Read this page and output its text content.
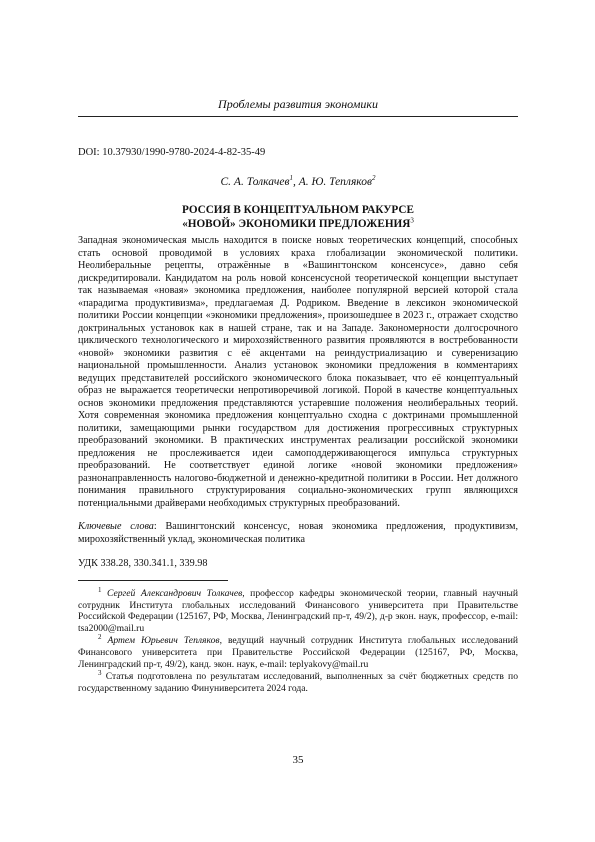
Проблемы развития экономики
DOI: 10.37930/1990-9780-2024-4-82-35-49
С. А. Толкачев$^1$, А. Ю. Тепляков$^2$
РОССИЯ В КОНЦЕПТУАЛЬНОМ РАКУРСЕ
«НОВОЙ» ЭКОНОМИКИ ПРЕДЛОЖЕНИЯ$^3$

Западная экономическая мысль находится в поиске новых теоретических концепций, способных стать основой проводимой в условиях краха глобализации экономической политики. Неолиберальные рецепты, отражённые в «Вашингтонском консенсусе», давно себя дискредитировали. Кандидатом на роль новой консенсусной теоретической концепции выступает так называемая «новая» экономика предложения, наиболее популярной версией которой стала «парадигма продуктивизма», предлагаемая Д. Родриком. Введение в лексикон экономической политики России концепции «экономики предложения», произошедшее в 2023 г., отражает сходство доктринальных установок как в нашей стране, так и на Западе. Закономерности долгосрочного циклического технологического и мирохозяйственного развития проявляются в востребованности «новой» экономики развития с её акцентами на реиндустриализацию и суверенизацию национальной промышленности. Анализ установок экономики предложения в комментариях ведущих представителей российского экономического блока показывает, что её концептуальный образ не выражается теоретически непротиворечивой логикой. Порой в качестве концептуальных основ экономики предложения представляются устаревшие положения неолиберальных теорий. Хотя современная экономика предложения концептуально сходна с доктринами промышленной политики, замещающими рынки государством для достижения прогрессивных структурных преобразований экономики. В практических инструментах реализации российской экономики предложения не прослеживается идеи самоподдерживающегося импульса структурных преобразований. Не соответствует единой логике «новой экономики предложения» разнонаправленность налогово-бюджетной и денежно-кредитной политики в России. Нет должного понимания правильного структурирования социально-экономических групп являющихся потенциальными драйверами необходимых структурных преобразований.

Ключевые слова: Вашингтонский консенсус, новая экономика предложения, продуктивизм, мирохозяйственный уклад, экономическая политика

УДК 338.28, 330.341.1, 339.98

$^1$ Сергей Александрович Толкачев, профессор кафедры экономической теории, главный научный сотрудник Института глобальных исследований Финансового университета при Правительстве Российской Федерации (125167, РФ, Москва, Ленинградский пр-т, 49/2), д-р экон. наук, профессор, e-mail: tsa2000@mail.ru

$^2$ Артем Юрьевич Тепляков, ведущий научный сотрудник Института глобальных исследований Финансового университета при Правительстве Российской Федерации (125167, РФ, Москва, Ленинградский пр-т, 49/2), канд. экон. наук, e-mail: teplyakovy@mail.ru

$^3$ Статья подготовлена по результатам исследований, выполненных за счёт бюджетных средств по государственному заданию Финуниверситета 2024 года.

35
